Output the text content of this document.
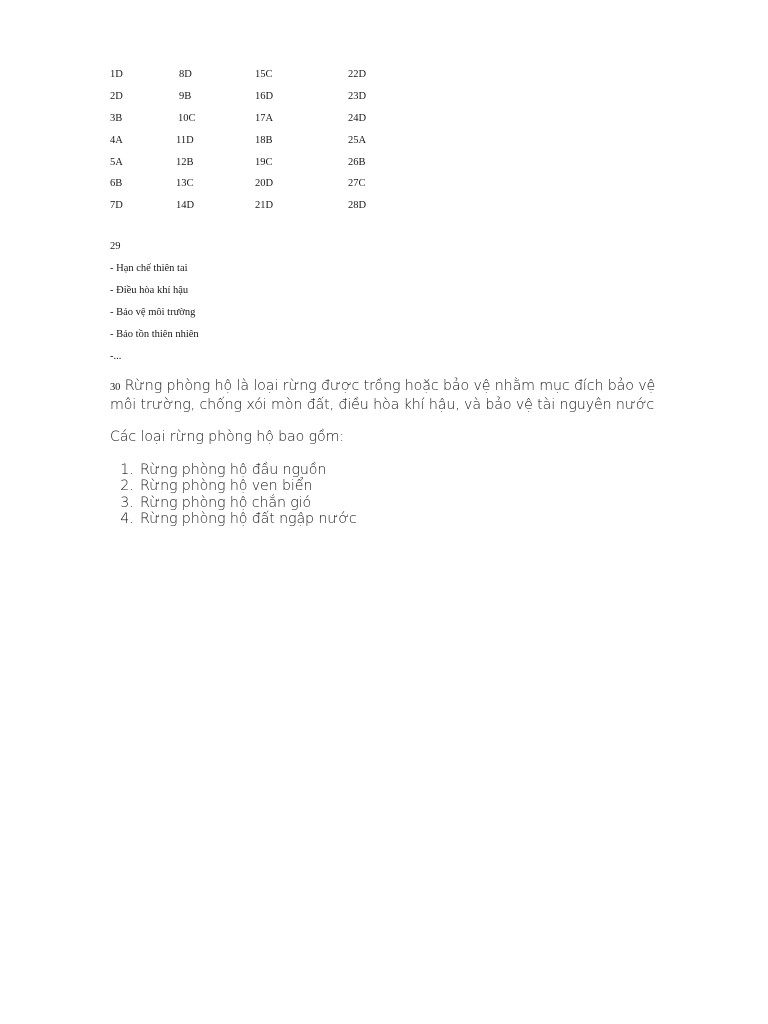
1D	8D	15C	22D
2D	9B	16D	23D
3B	10C	17A	24D
4A	11D	18B	25A
5A	12B	19C	26B
6B	13C	20D	27C
7D	14D	21D	28D
29
- Hạn chế thiên tai
- Điều hòa khí hậu
- Bảo vệ môi trường
- Bảo tồn thiên nhiên
-...

30 Rừng phòng hộ là loại rừng được trồng hoặc bảo vệ nhằm mục đích bảo vệ môi trường, chống xói mòn đất, điều hòa khí hậu, và bảo vệ tài nguyên nước

Các loại rừng phòng hộ bao gồm:

1. Rừng phòng hộ đầu nguồn
2. Rừng phòng hộ ven biển
3. Rừng phòng hộ chắn gió
4. Rừng phòng hộ đất ngập nước
